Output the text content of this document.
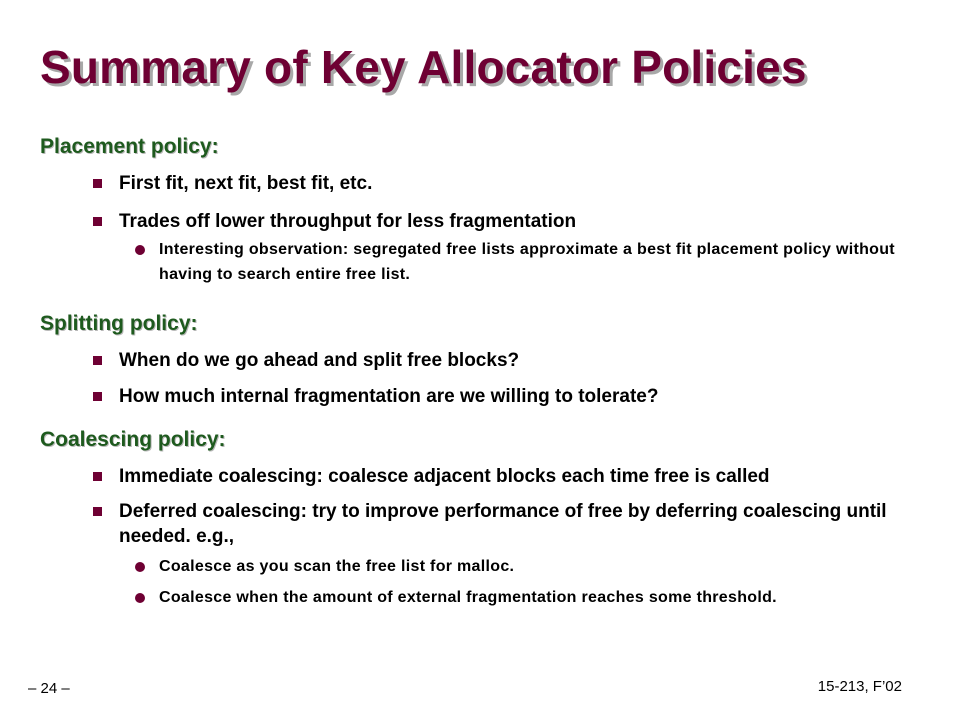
Summary of Key Allocator Policies
Placement policy:
First fit, next fit, best fit, etc.
Trades off lower throughput for less fragmentation
Interesting observation: segregated free lists approximate a best fit placement policy without having to search entire free list.
Splitting policy:
When do we go ahead and split free blocks?
How much internal fragmentation are we willing to tolerate?
Coalescing policy:
Immediate coalescing: coalesce adjacent blocks each time free is called
Deferred coalescing: try to improve performance of free by deferring coalescing until needed. e.g.,
Coalesce as you scan the free list for malloc.
Coalesce when the amount of external fragmentation reaches some threshold.
– 24 –	15-213, F’02
